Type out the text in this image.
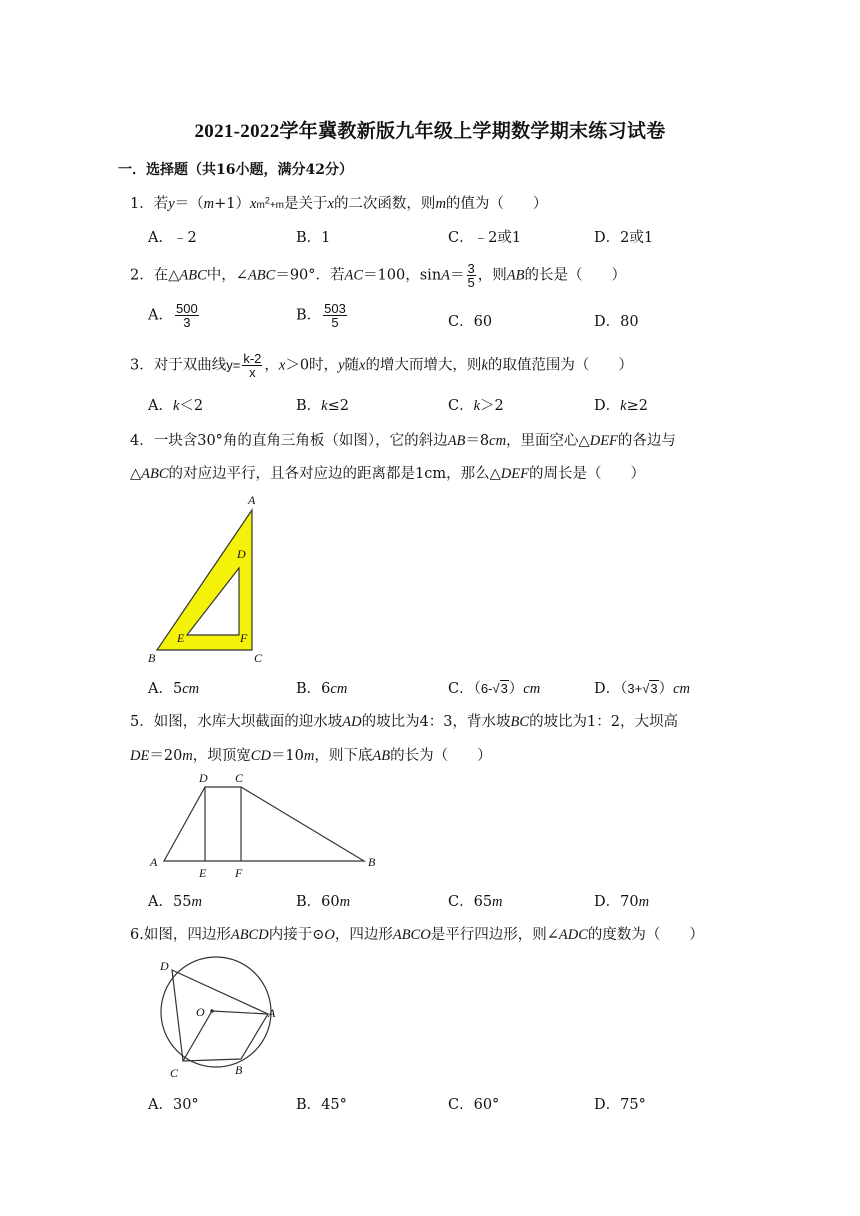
2021-2022学年冀教新版九年级上学期数学期末练习试卷
一．选择题（共16小题，满分42分）
1．若y＝（m+1）xm2+m是关于x的二次函数，则m的值为（　　）
A．﹣2	B．1	C．﹣2或1	D．2或1
2．在△ABC中，∠ABC＝90°．若AC＝100，$\sin A= \frac{3}{5}$ ，则AB的长是（　　）
A． $\frac{500}{3}$	B． $\frac{503}{5}$	C．60	D．80
3．对于双曲线$y= \frac{k-2}{x}$ ，x＞0时，y随x的增大而增大，则k的取值范围为（　　）
A．k＜2	B．k≤2	C．k＞2	D．k≥2
4．一块含30°角的直角三角板（如图），它的斜边AB＝8cm，里面空心△DEF的各边与
△ABC的对应边平行，且各对应边的距离都是1cm，那么△DEF的周长是（　　）
A
D
E	F
B	C
A．5cm	B．6cm	C．（6-√3）cm	D．（3+√3）cm
5．如图，水库大坝截面的迎水坡AD的坡比为4：3，背水坡BC的坡比为1：2，大坝高
DE＝20m，坝顶宽CD＝10m，则下底AB的长为（　　）
D C
A
E F
B
A．55m	B．60m	C．65m	D．70m
6.如图，四边形ABCD内接于⊙O，四边形ABCO是平行四边形，则∠ADC的度数为（　　）
D
O	A
C	B
A．30°	B．45°	C．60°	D．75°
